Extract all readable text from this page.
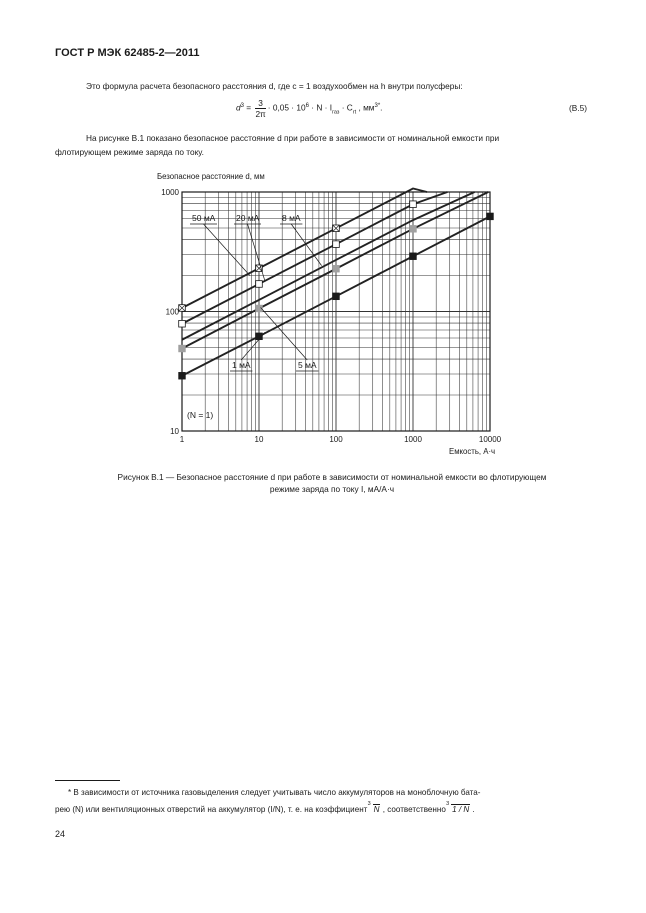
ГОСТ Р МЭК 62485-2—2011
Это формула расчета безопасного расстояния d, где c = 1 воздухообмен на h внутри полусферы:
$d^3 = \frac{3}{2\pi} \cdot 0,05 \cdot 10^6 \cdot N \cdot I_{газ} \cdot C_{rt}$ , $мм^{3*}$.	(В.5)
На рисунке В.1 показано безопасное расстояние d при работе в зависимости от номинальной емкости при
флотирующем режиме заряда по току.
Безопасное расстояние d, мм
1	10	100	1000	10000
10
100
1000
50 мА 20 мА	8 мА
5 мА
1 мА
(N = 1)
Емкость, А·ч
Рисунок В.1 — Безопасное расстояние d при работе в зависимости от номинальной емкости во флотирующем
режиме заряда по току I, мА/А·ч
* В зависимости от источника газовыделения следует учитывать число аккумуляторов на моноблочную бата-
рею (N) или вентиляционных отверстий на аккумулятор (I/N), т. е. на коэффициент
3
N , соответственно
3
1 / N .
24
